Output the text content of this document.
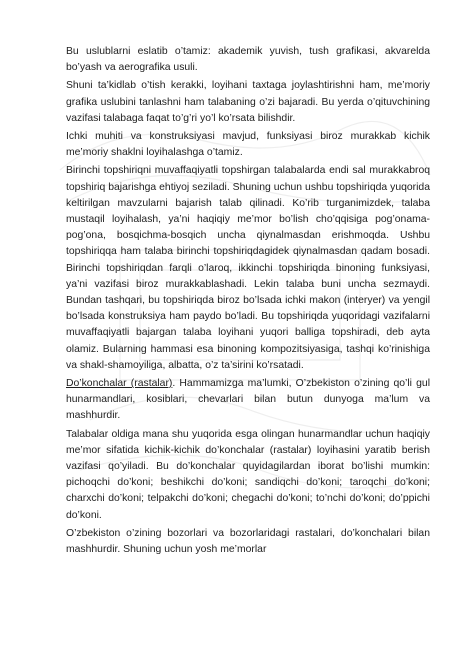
Bu uslublarni eslatib o’tamiz: akademik yuvish, tush grafikasi, akvarelda bo’yash va aerografika usuli.

Shuni ta’kidlab o’tish kerakki, loyihani taxtaga joylashtirishni ham, me’moriy grafika uslubini tanlashni ham talabaning o’zi bajaradi. Bu yerda o’qituvchining vazifasi talabaga faqat to’g’ri yo’l ko’rsata bilishdir.

Ichki muhiti va konstruksiyasi mavjud, funksiyasi biroz murakkab kichik me’moriy shaklni loyihalashga o’tamiz.

Birinchi topshiriqni muvaffaqiyatli topshirgan talabalarda endi sal murakkabroq topshiriq bajarishga ehtiyoj seziladi. Shuning uchun ushbu topshiriqda yuqorida keltirilgan mavzularni bajarish talab qilinadi. Ko’rib turganimizdek, talaba mustaqil loyihalash, ya’ni haqiqiy me’mor bo’lish cho’qqisiga pog’onama-pog’ona, bosqichma-bosqich uncha qiynalmasdan erishmoqda. Ushbu topshiriqqa ham talaba birinchi topshiriqdagidek qiynalmasdan qadam bosadi. Birinchi topshiriqdan farqli o’laroq, ikkinchi topshiriqda binoning funksiyasi, ya’ni vazifasi biroz murakkablashadi. Lekin talaba buni uncha sezmaydi. Bundan tashqari, bu topshiriqda biroz bo’lsada ichki makon (interyer) va yengil bo’lsada konstruksiya ham paydo bo’ladi. Bu topshiriqda yuqoridagi vazifalarni muvaffaqiyatli bajargan talaba loyihani yuqori balliga topshiradi, deb ayta olamiz. Bularning hammasi esa binoning kompozitsiyasiga, tashqi ko’rinishiga va shakl-shamoyiliga, albatta, o’z ta’sirini ko’rsatadi.

Do’konchalar (rastalar). Hammamizga ma’lumki, O’zbekiston o’zining qo’li gul hunarmandlari, kosiblari, chevarlari bilan butun dunyoga ma’lum va mashhurdir.

Talabalar oldiga mana shu yuqorida esga olingan hunarmandlar uchun haqiqiy me’mor sifatida kichik-kichik do’konchalar (rastalar) loyihasini yaratib berish vazifasi qo’yiladi. Bu do’konchalar quyidagilardan iborat bo’lishi mumkin: pichoqchi do’koni; beshikchi do’koni; sandiqchi do’koni; taroqchi do’koni; charxchi do’koni; telpakchi do’koni; chegachi do’koni; to’nchi do’koni; do’ppichi do’koni.

O’zbekiston o’zining bozorlari va bozorlaridagi rastalari, do’konchalari bilan mashhurdir. Shuning uchun yosh me’morlar
